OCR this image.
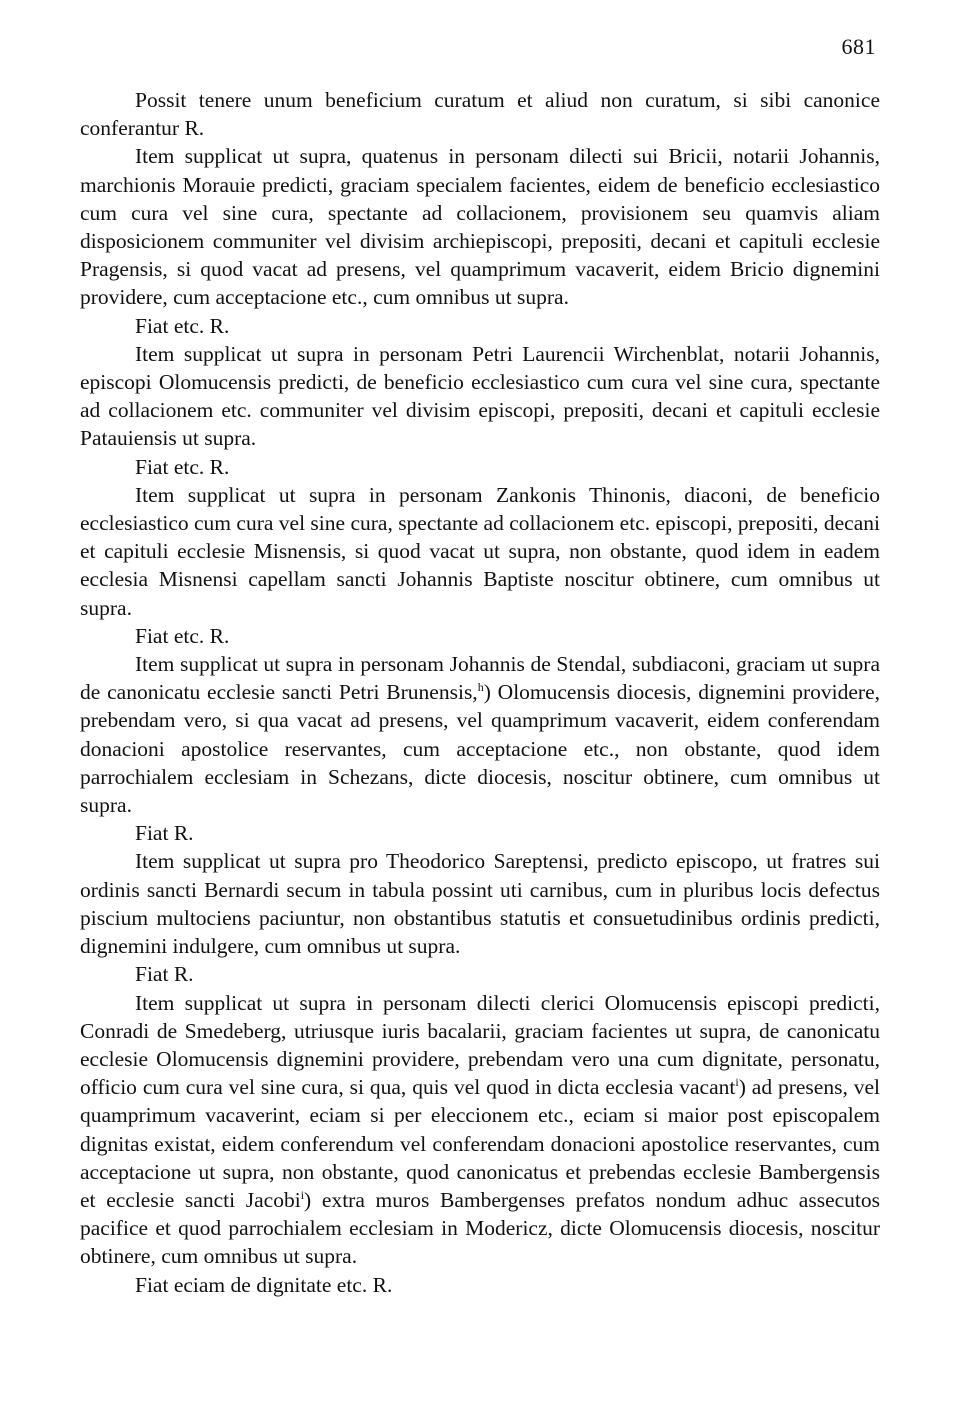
681

Possit tenere unum beneficium curatum et aliud non curatum, si sibi canonice conferantur R.

Item supplicat ut supra, quatenus in personam dilecti sui Bricii, notarii Johannis, marchionis Morauie predicti, graciam specialem facientes, eidem de beneficio ecclesiastico cum cura vel sine cura, spectante ad collacionem, provisionem seu quamvis aliam disposicionem communiter vel divisim archiepiscopi, prepositi, decani et capituli ecclesie Pragensis, si quod vacat ad presens, vel quamprimum vacaverit, eidem Bricio dignemini providere, cum acceptacione etc., cum omnibus ut supra.

Fiat etc. R.

Item supplicat ut supra in personam Petri Laurencii Wirchenblat, notarii Johannis, episcopi Olomucensis predicti, de beneficio ecclesiastico cum cura vel sine cura, spectante ad collacionem etc. communiter vel divisim episcopi, prepositi, decani et capituli ecclesie Patauiensis ut supra.

Fiat etc. R.

Item supplicat ut supra in personam Zankonis Thinonis, diaconi, de beneficio ecclesiastico cum cura vel sine cura, spectante ad collacionem etc. episcopi, prepositi, decani et capituli ecclesie Misnensis, si quod vacat ut supra, non obstante, quod idem in eadem ecclesia Misnensi capellam sancti Johannis Baptiste noscitur obtinere, cum omnibus ut supra.

Fiat etc. R.

Item supplicat ut supra in personam Johannis de Stendal, subdiaconi, graciam ut supra de canonicatu ecclesie sancti Petri Brunensis,$^h$) Olomucensis diocesis, dignemini providere, prebendam vero, si qua vacat ad presens, vel quamprimum vacaverit, eidem conferendam donacioni apostolice reservantes, cum acceptacione etc., non obstante, quod idem parrochialem ecclesiam in Schezans, dicte diocesis, noscitur obtinere, cum omnibus ut supra.

Fiat R.

Item supplicat ut supra pro Theodorico Sareptensi, predicto episcopo, ut fratres sui ordinis sancti Bernardi secum in tabula possint uti carnibus, cum in pluribus locis defectus piscium multociens paciuntur, non obstantibus statutis et consuetudinibus ordinis predicti, dignemini indulgere, cum omnibus ut supra.

Fiat R.

Item supplicat ut supra in personam dilecti clerici Olomucensis episcopi predicti, Conradi de Smedeberg, utriusque iuris bacalarii, graciam facientes ut supra, de canonicatu ecclesie Olomucensis dignemini providere, prebendam vero una cum dignitate, personatu, officio cum cura vel sine cura, si qua, quis vel quod in dicta ecclesia vacant$^i$) ad presens, vel quamprimum vacaverint, eciam si per eleccionem etc., eciam si maior post episcopalem dignitas existat, eidem conferendum vel conferendam donacioni apostolice reservantes, cum acceptacione ut supra, non obstante, quod canonicatus et prebendas ecclesie Bambergensis et ecclesie sancti Jacobi$^i$) extra muros Bambergenses prefatos nondum adhuc assecutos pacifice et quod parrochialem ecclesiam in Modericz, dicte Olomucensis diocesis, noscitur obtinere, cum omnibus ut supra.

Fiat eciam de dignitate etc. R.
